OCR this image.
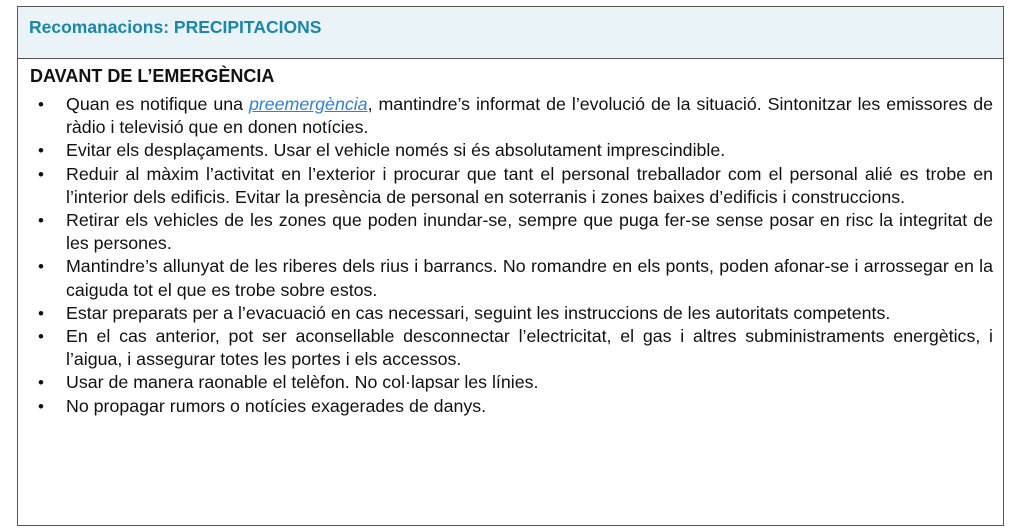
Recomanacions: PRECIPITACIONS
DAVANT DE L’EMERGÈNCIA
• Quan es notifique una preemergència, mantindre’s informat de l’evolució de la situació. Sintonitzar les emissores de ràdio i televisió que en donen notícies.
• Evitar els desplaçaments. Usar el vehicle només si és absolutament imprescindible.
• Reduir al màxim l’activitat en l’exterior i procurar que tant el personal treballador com el personal alié es trobe en l’interior dels edificis. Evitar la presència de personal en soterranis i zones baixes d’edificis i construccions.
• Retirar els vehicles de les zones que poden inundar-se, sempre que puga fer-se sense posar en risc la integritat de les persones.
• Mantindre’s allunyat de les riberes dels rius i barrancs. No romandre en els ponts, poden afonar-se i arrossegar en la caiguda tot el que es trobe sobre estos.
• Estar preparats per a l’evacuació en cas necessari, seguint les instruccions de les autoritats competents.
• En el cas anterior, pot ser aconsellable desconnectar l’electricitat, el gas i altres subministraments energètics, i l’aigua, i assegurar totes les portes i els accessos.
• Usar de manera raonable el telèfon. No col·lapsar les línies.
• No propagar rumors o notícies exagerades de danys.
